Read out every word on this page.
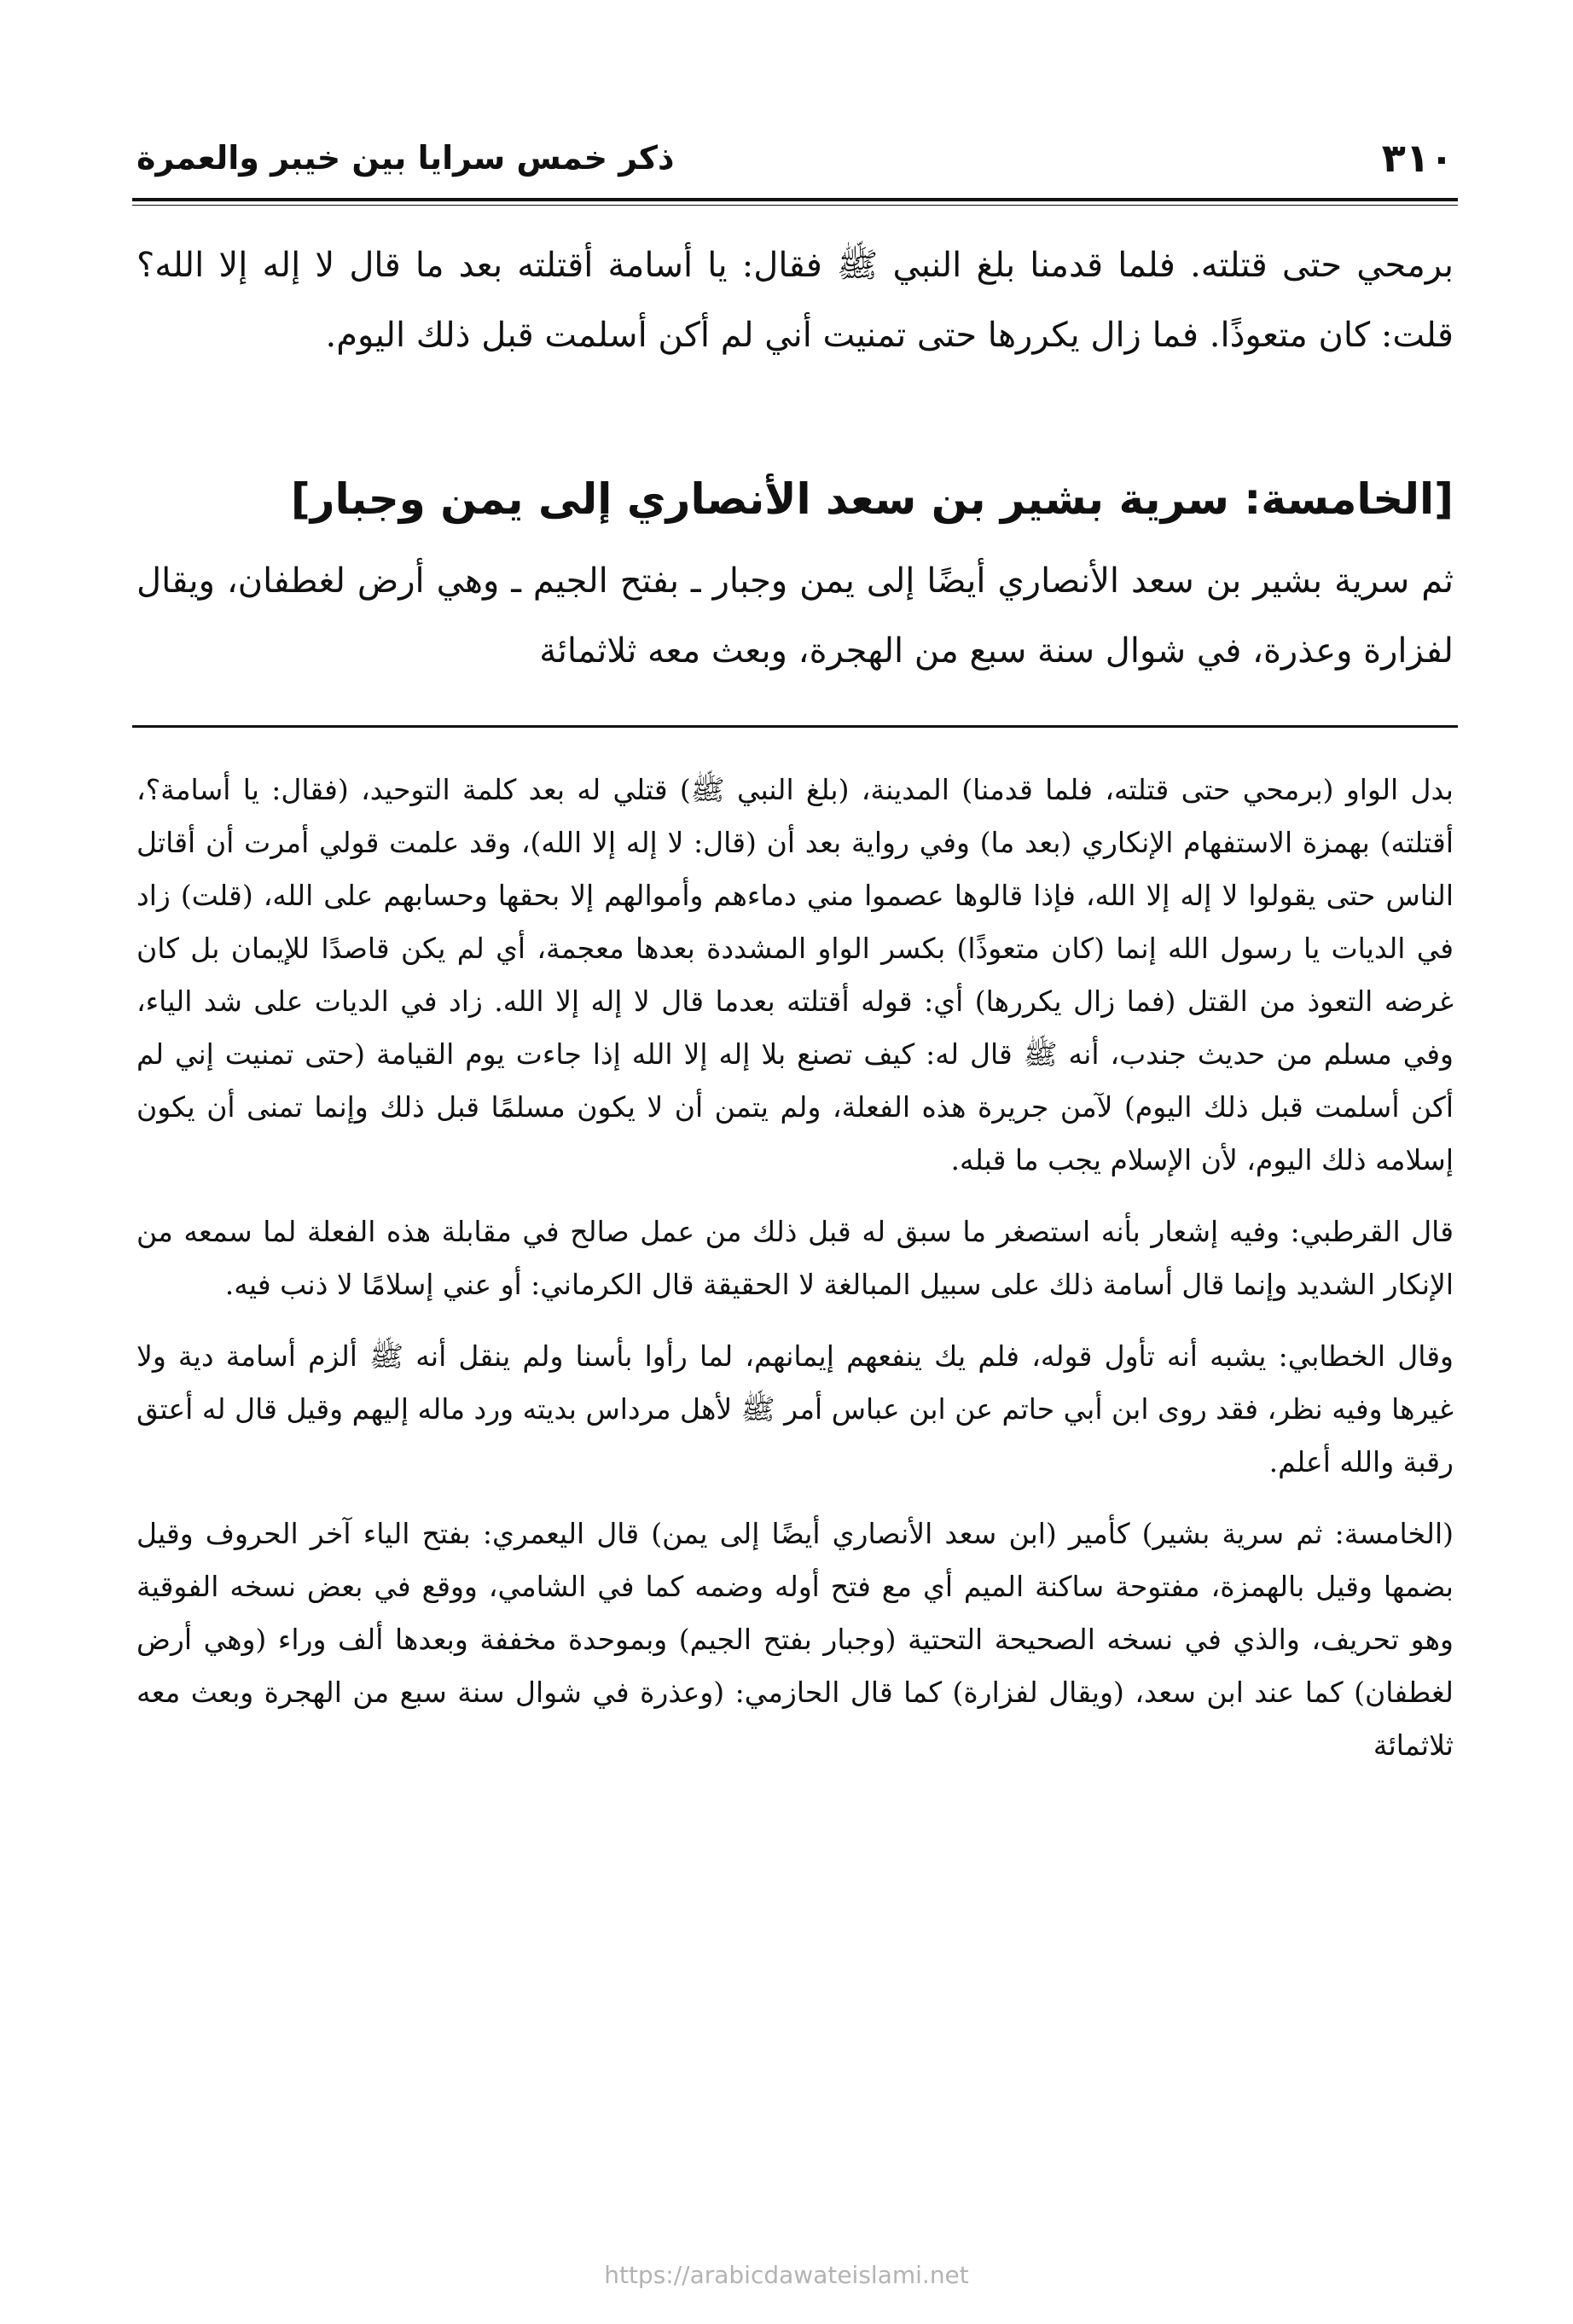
٣١٠
ذكر خمس سرايا بين خيبر والعمرة

برمحي حتى قتلته. فلما قدمنا بلغ النبي ﷺ فقال: يا أسامة أقتلته بعد ما قال لا إله إلا الله؟ قلت: كان متعوذًا. فما زال يكررها حتى تمنيت أني لم أكن أسلمت قبل ذلك اليوم.

[الخامسة: سرية بشير بن سعد الأنصاري إلى يمن وجبار]
ثم سرية بشير بن سعد الأنصاري أيضًا إلى يمن وجبار ـ بفتح الجيم ـ وهي أرض لغطفان، ويقال لفزارة وعذرة، في شوال سنة سبع من الهجرة، وبعث معه ثلاثمائة

بدل الواو (برمحي حتى قتلته، فلما قدمنا) المدينة، (بلغ النبي ﷺ) قتلي له بعد كلمة التوحيد، (فقال: يا أسامة؟، أقتلته) بهمزة الاستفهام الإنكاري (بعد ما) وفي رواية بعد أن (قال: لا إله إلا الله)، وقد علمت قولي أمرت أن أقاتل الناس حتى يقولوا لا إله إلا الله، فإذا قالوها عصموا مني دماءهم وأموالهم إلا بحقها وحسابهم على الله، (قلت) زاد في الديات يا رسول الله إنما (كان متعوذًا) بكسر الواو المشددة بعدها معجمة، أي لم يكن قاصدًا للإيمان بل كان غرضه التعوذ من القتل (فما زال يكررها) أي: قوله أقتلته بعدما قال لا إله إلا الله. زاد في الديات على شد الياء، وفي مسلم من حديث جندب، أنه ﷺ قال له: كيف تصنع بلا إله إلا الله إذا جاءت يوم القيامة (حتى تمنيت إني لم أكن أسلمت قبل ذلك اليوم) لآمن جريرة هذه الفعلة، ولم يتمن أن لا يكون مسلمًا قبل ذلك وإنما تمنى أن يكون إسلامه ذلك اليوم، لأن الإسلام يجب ما قبله.

قال القرطبي: وفيه إشعار بأنه استصغر ما سبق له قبل ذلك من عمل صالح في مقابلة هذه الفعلة لما سمعه من الإنكار الشديد وإنما قال أسامة ذلك على سبيل المبالغة لا الحقيقة قال الكرماني: أو عني إسلامًا لا ذنب فيه.

وقال الخطابي: يشبه أنه تأول قوله، فلم يك ينفعهم إيمانهم، لما رأوا بأسنا ولم ينقل أنه ﷺ ألزم أسامة دية ولا غيرها وفيه نظر، فقد روى ابن أبي حاتم عن ابن عباس أمر ﷺ لأهل مرداس بديته ورد ماله إليهم وقيل قال له أعتق رقبة والله أعلم.

(الخامسة: ثم سرية بشير) كأمير (ابن سعد الأنصاري أيضًا إلى يمن) قال اليعمري: بفتح الياء آخر الحروف وقيل بضمها وقيل بالهمزة، مفتوحة ساكنة الميم أي مع فتح أوله وضمه كما في الشامي، ووقع في بعض نسخه الفوقية وهو تحريف، والذي في نسخه الصحيحة التحتية (وجبار بفتح الجيم) وبموحدة مخففة وبعدها ألف وراء (وهي أرض لغطفان) كما عند ابن سعد، (ويقال لفزارة) كما قال الحازمي: (وعذرة في شوال سنة سبع من الهجرة وبعث معه ثلاثمائة

https://arabicdawateislami.net
